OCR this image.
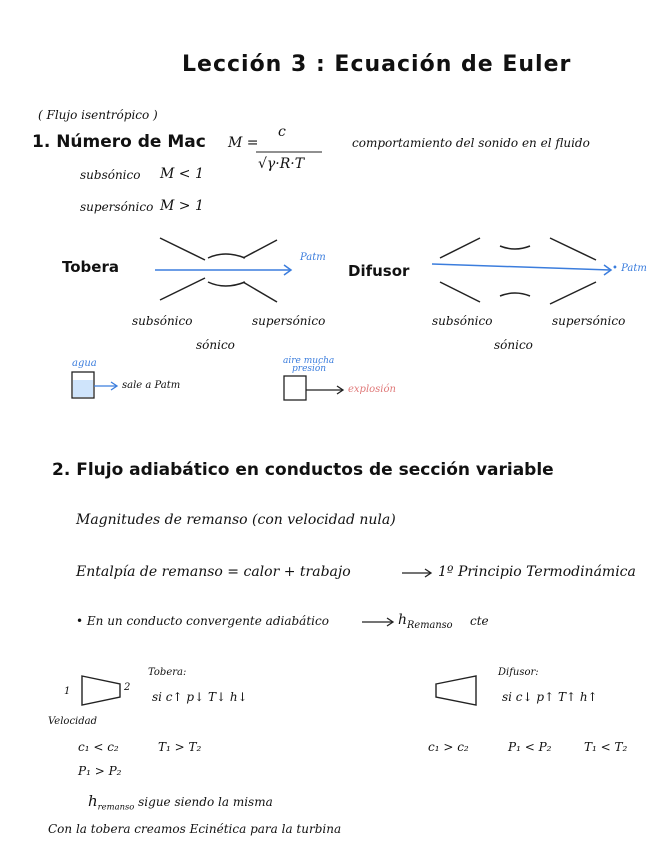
Lección 3 : Ecuación de Euler
( Flujo isentrópico )
1. Número de Mac M =
c
√γ·R·T
comportamiento del sonido en el fluido
subsónico M < 1
supersónico M > 1
Tobera
Patm
subsónico	supersónico
sónico
Difusor	• Patm
subsónico	supersónico
sónico
agua
sale a Patm
aire mucha
presión
explosión
2. Flujo adiabático en conductos de sección variable
Magnitudes de remanso (con velocidad nula)
Entalpía de remanso = calor + trabajo	1º Principio Termodinámica
• En un conducto convergente adiabático	$h_{Remanso}$ cte
1	2
Tobera:
si c↑ p↓ T↓ h↓
Difusor:
si c↓ p↑ T↑ h↑
Velocidad
c₁ < c₂	T₁ > T₂
P₁ > P₂
c₁ > c₂	P₁ < P₂	T₁ < T₂
$h_{remanso}$ sigue siendo la misma
Con la tobera creamos Ecinética para la turbina
